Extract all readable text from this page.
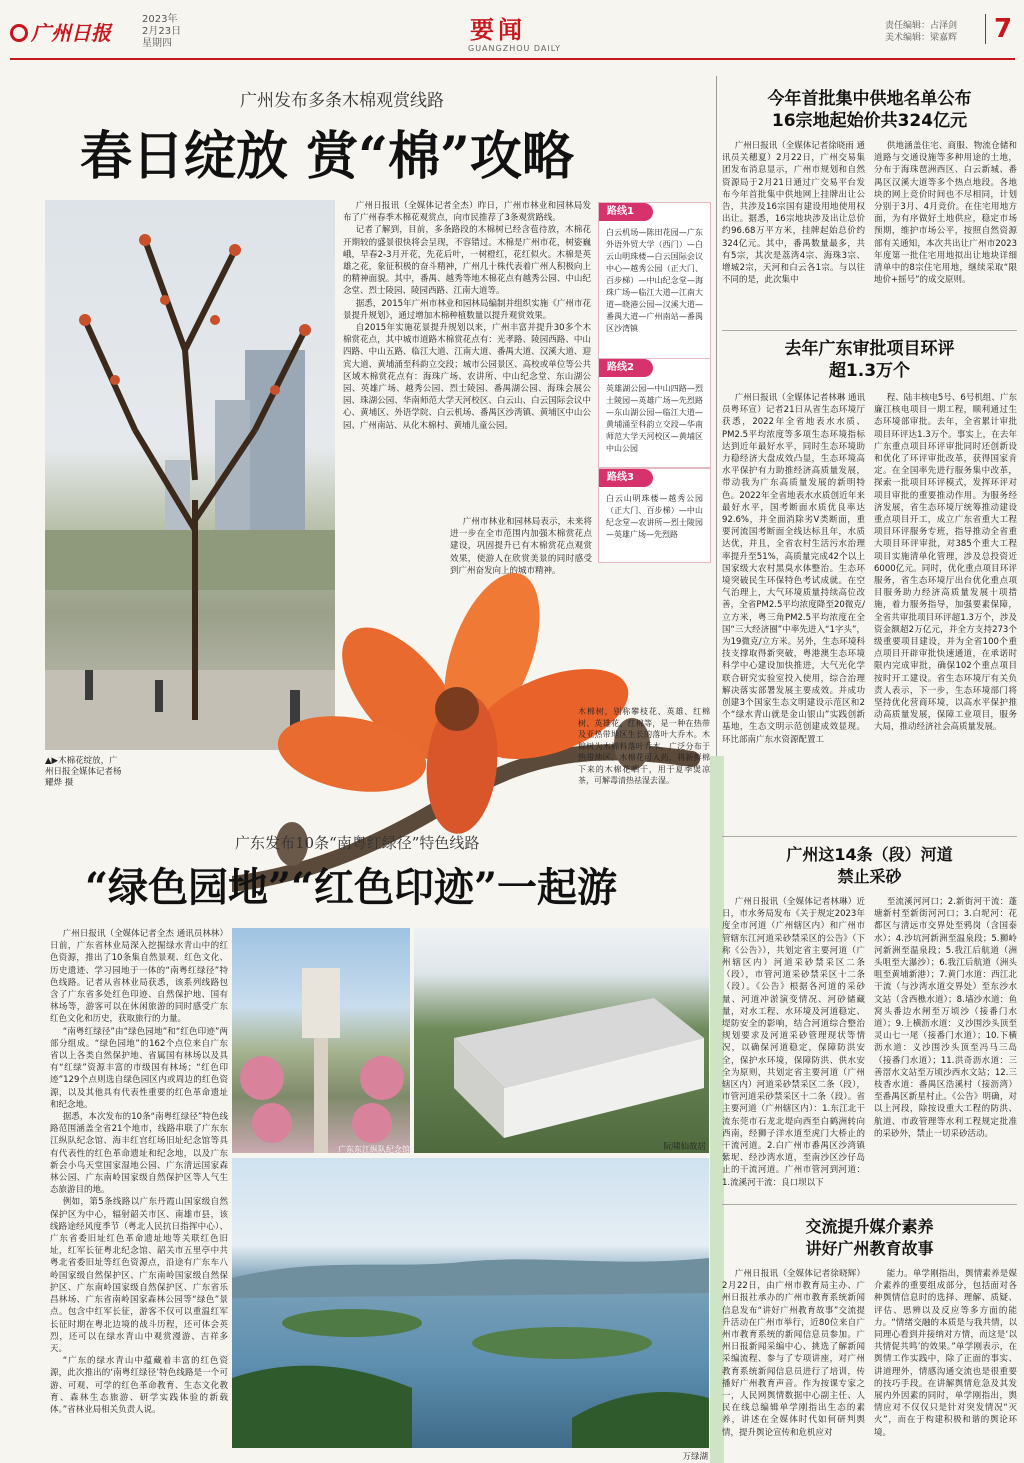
广州日报
2023年
2月23日
星期四	要闻
GUANGZHOU DAILY
责任编辑：占泽剑
美术编辑：梁嘉辉	7
广州发布多条木棉观赏线路
春日绽放 赏“棉”攻略
▲▶木棉花绽放，广州日报全媒体记者杨耀烨 摄

广州日报讯（全媒体记者全杰）昨日，广州市林业和园林局发布了广州春季木棉花观赏点，向市民推荐了3条观赏路线。

记者了解到，目前，多条路段的木棉树已经含苞待放，木棉花开期较的盛景很快将会呈现，不容错过。木棉是广州市花，树姿巍峨，早春2-3月开花，先花后叶，一树橙红，花红似火。木棉是英雄之花，象征积极的奋斗精神，广州几十株代表着广州人积极向上的精神面貌。其中，番禺、越秀等地木棉花点有越秀公园、中山纪念堂、烈士陵园、陵园西路、江南大道等。

据悉，2015年广州市林业和园林局编制并组织实施《广州市花景提升规划》，通过增加木棉种植数量以提升观赏效果。

自2015年实施花景提升规划以来，广州丰富并提升30多个木棉赏花点，其中城市道路木棉赏花点有：光孝路、陵园西路、中山四路、中山五路、临江大道、江南大道、番禺大道、汉溪大道、迎宾大道、黄埔涌至科韵立交段；城市公园景区、高校或单位等公共区域木棉赏花点有：海珠广场、农讲所、中山纪念堂、东山湖公园、英雄广场、越秀公园、烈士陵园、番禺湖公园、海珠会展公园、珠湖公园、华南师范大学天河校区、白云山、白云国际会议中心、黄埔区、外语学院、白云机场、番禺区沙湾镇、黄埔区中山公园、广州南站、从化木棉村、黄埔儿童公园。

广州市林业和园林局表示，未来将进一步在全市范围内加强木棉赏花点建设，巩固提升已有木棉赏花点观赏效果，使游人在欣赏美景的同时感受到广州奋发向上的城市精神。

路线1
白云机场—陈田花园—广东外语外贸大学（西门）—白云山明珠楼—白云国际会议中心—越秀公园（正大门、百步梯）—中山纪念堂—海珠广场—临江大道—江南大道—晓港公园—汉溪大道—番禺大道—广州南站—番禺区沙湾镇
路线2
英雄湖公园—中山四路—烈士陵园—英雄广场—先烈路—东山湖公园—临江大道—黄埔涌至科韵立交段—华南师范大学天河校区—黄埔区中山公园
路线3
白云山明珠楼—越秀公园（正大门、百步梯）—中山纪念堂—农讲所—烈士陵园—英雄广场—先烈路
木棉树，别称攀枝花、英雄、红棉树、英雄花、红棉等，是一种在热带及亚热带地区生长的落叶大乔木。木棉树为木棉科落叶乔木，广泛分布于热带地区。木棉花可入药，将新鲜棉下来的木棉花晒干，用于夏季煲凉茶，可解毒清热祛湿去湿。
广东发布10条“南粤红绿径”特色线路
“绿色园地”“红色印迹”一起游

广州日报讯（全媒体记者全杰 通讯员林林）日前，广东省林业局深入挖掘绿水青山中的红色资源，推出了10条集自然景观、红色文化、历史遗迹、学习园地于一体的“南粤红绿径”特色线路。记者从省林业局获悉，该系列线路包含了广东省多处红色印迹、自然保护地、国有林场等，游客可以在休闲旅游的同时感受广东红色文化和历史，获取旅行的力量。

“南粤红绿径”由“绿色园地”和“红色印迹”两部分组成。“绿色园地”的162个点位来自广东省以上各类自然保护地、省属国有林场以及具有“红绿”资源丰富的市级国有林场；“红色印迹”129个点则选自绿色园区内或周边的红色资源，以及其他具有代表性重要的红色革命遗址和纪念地。

据悉，本次发布的10条“南粤红绿径”特色线路范围涵盖全省21个地市，线路串联了广东东江纵队纪念馆、海丰红宫红场旧址纪念馆等具有代表性的红色革命遗址和纪念地，以及广东新会小鸟天堂国家湿地公园、广东清远国家森林公园、广东南岭国家级自然保护区等人气生态旅游目的地。

例如，第5条线路以广东丹霞山国家级自然保护区为中心，辐射韶关市区、南雄市县，该线路途经风度季节（粤北人民抗日指挥中心）、广东省委旧址红色革命遗址地等关联红色旧址，红军长征粤北纪念馆、韶关市五里亭中共粤北省委旧址等红色资源点，沿途有广东车八岭国家级自然保护区、广东南岭国家级自然保护区、广东南岭国家级自然保护区、广东省乐昌林场、广东省南岭国家森林公园等“绿色”景点。包含中红军长征，游客不仅可以重温红军长征时期在粤北边境的战斗历程，还可体会英烈，还可以在绿水青山中观赏漫游、吉祥多天。

“广东的绿水青山中蕴藏着丰富的红色资源，此次推出的‘南粤红绿径’特色线路是一个可游、可观、可学的红色革命教育、生态文化教育、森林生态旅游、研学实践体验的新载体。”省林业局相关负责人说。

广东东江纵队纪念馆	阮啸仙故居
万绿湖
今年首批集中供地名单公布
16宗地起始价共324亿元

广州日报讯（全媒体记者徐晓雨 通讯员关穗夏）2月22日，广州交易集团发布消息显示，广州市规划和自然资源局于2月21日通过广交易平台发布今年首批集中供地网上挂牌出让公告，共涉及16宗国有建设用地使用权出让。据悉，16宗地块涉及出让总价约96.68万平方米，挂牌起始总价约324亿元。其中，番禺数量最多，共有5宗，其次是荔湾4宗、海珠3宗、增城2宗，天河和白云各1宗。与以往不同的是，此次集中

供地涵盖住宅、商服、物流仓储和道路与交通设施等多种用途的土地，分布于海珠琶洲西区、白云新城、番禺区汉溪大道等多个热点地段。各地块的网上竞价时间也不尽相同，计划分别于3月、4月竞价。在住宅用地方面，为有序做好土地供应，稳定市场预期，维护市场公平，按照自然资源部有关通知，本次共出让广州市2023年度第一批住宅用地拟出让地块详细清单中的8宗住宅用地，继续采取“限地价+摇号”的成交原则。

去年广东审批项目环评
超1.3万个

广州日报讯（全媒体记者林琳 通讯员粤环宣）记者21日从省生态环境厅获悉，2022年全省地表水水质、PM2.5平均浓度等多项生态环境指标达到近年最好水平，同时生态环境助力稳经济大盘成效凸显，生态环境高水平保护有力助推经济高质量发展，带动我为广东高质量发展的新明特色。2022年全省地表水水质创近年来最好水平，国考断面水质优良率达92.6%，并全面消除劣V类断面，重要河流国考断面全线达标且年，水质达优，并且，全省农村生活污水治理率提升至51%，高质量完成42个以上国家级大农村黑臭水体整治。生态环境突破民生环保特色考试成就。在空气治理上，大气环境质量持续高位改善，全省PM2.5平均浓度降至20微克/立方米，粤三角PM2.5平均浓度在全国“三大经济圈”中率先进入“1字头”，为19微克/立方米。另外，生态环境科技支撑取得新突破，粤港澳生态环境科学中心建设加快推进，大气光化学联合研究实验室投入使用，综合治理解决落实部署发展主要成效。并成功创建3个国家生态文明建设示范区和2个“绿水青山就是金山银山”实践创新基地，生态文明示范创建成效显现。环比部南广东水资源配置工

程、陆丰核电5号、6号机组、广东廉江核电项目一期工程，顺利通过生态环境部审批。去年，全省累计审批项目环评达1.3万个。事实上，在去年广东重点项目环评审批同时还创新设和优化了环评审批改革，获得国家肯定。在全国率先进行服务集中改革，探索一批项目环评模式，发挥环评对项目审批的重要推动作用。为服务经济发展，省生态环境厅统筹推动建设重点项目开工，成立广东省重大工程项目环评服务专班，指导推动全省重大项目环评审批，对385个重大工程项目实施清单化管理，涉及总投资近6000亿元。同时，优化重点项目环评服务，省生态环境厅出台优化重点项目服务助力经济高质量发展十项措施，着力服务指导，加强要素保障，全省共审批项目环评超1.3万个，涉及资金额超2万亿元，并全方支持273个级重要项目建设，并为全省100个重点项目开辟审批快速通道，在承诺时限内完成审批，确保102个重点项目按时开工建设。省生态环境厅有关负责人表示，下一步，生态环境部门将坚持优化营商环境，以高水平保护推动高质量发展，保障工业项目，服务大局，推动经济社会高质量发展。

广州这14条（段）河道
禁止采砂

广州日报讯（全媒体记者林琳）近日，市水务局发布《关于规定2023年度全市河道（广州辖区内）和广州市管辖东江河道采砂禁采区的公告》（下称《公告》），共划定省主要河道（广州辖区内）河道采砂禁采区二条（段），市管河道采砂禁采区十二条（段）。《公告》根据各河道的采砂量、河道冲淤演变情况、河砂储藏量，对水工程、水环境及河道稳定、堤防安全的影响，结合河道综合整治规划要求及河道采砂管理现状等情况，以确保河道稳定，保障防洪安全，保护水环境，保障防洪、供水安全为原则，共划定省主要河道（广州辖区内）河道采砂禁采区二条（段），市管河道采砂禁采区十二条（段）。省主要河道（广州辖区内）：1.东江北干流东莞市石龙北堤向西至白鹤洲转向西南，经狮子洋水道至虎门大桥止的干流河道。2.白广州市番禺区沙湾镇紫坭、经沙湾水道，至南沙区沙仔岛止的干流河道。广州市管河到河道：1.流溪河干流：良口坝以下

至流溪河河口；2.新街河干流：蓬塘新村至新街河河口；3.白坭河：花都区与清远市交界处至鸦岗（含国泰水）；4.沙坑河新洲至温泉段；5.狮岭河新洲至温泉段；5.我江后航道（洲头咀至大瀑沙）；6.我江后航道（洲头咀至黄埔新港）；7.黄门水道：西江北干流（与沙湾水道交界处）至东沙水文站（含西樵水道）；8.墙沙水道：鱼窝头番边水闸至万顷沙（接番门水道）；9.上横沥水道：义沙围沙头顶至灵山七一尾（接番门水道）；10.下横沥水道：义沙围沙头顶至冯马三岛（接番门水道）；11.洪奇沥水道：三善滘水文站至万顷沙西水文站；12.三枝香水道：番禺区浩溪村（接沥湾）至番禺区新星村止。《公告》明确，对以上河段，除按设重大工程的防洪、航道、市政管理等水利工程规定批准的采砂外，禁止一切采砂活动。

交流提升媒介素养
讲好广州教育故事

广州日报讯（全媒体记者徐晓辉）2月22日，由广州市教育局主办、广州日报社承办的广州市教育系统新闻信息发布“讲好广州教育故事”交流提升活动在广州市举行，近80位来自广州市教育系统的新闻信息员参加。广州日报新闻采编中心、挑选了解新闻采编流程、参与了专项讲座，对广州教育系统新闻信息员进行了培训，传播好广州教育声音。作为按课专家之一，人民网舆情数据中心副主任、人民在线总编辑单学刚指出生态的素养，讲述在全媒体时代如何研判舆情，提升舆论宣传和危机应对

能力。单学刚指出，舆情素养是媒介素养的重要组成部分，包括面对各种舆情信息时的选择、理解、质疑、评估、思辨以及反应等多方面的能力。“情绪交融的本质是与我共情，以同理心看到并接纳对方情，而这是‘以共情促共鸣’的效果。”单学刚表示，在舆情工作实践中，除了正面的事实、讲道理外，情感沟通交流也是很重要的技巧手段。在讲解舆情危急及其发展内外因素的同时，单学刚指出，舆情应对不仅仅只是针对突发情况“灭火”，而在于构建积极和谐的舆论环境。
